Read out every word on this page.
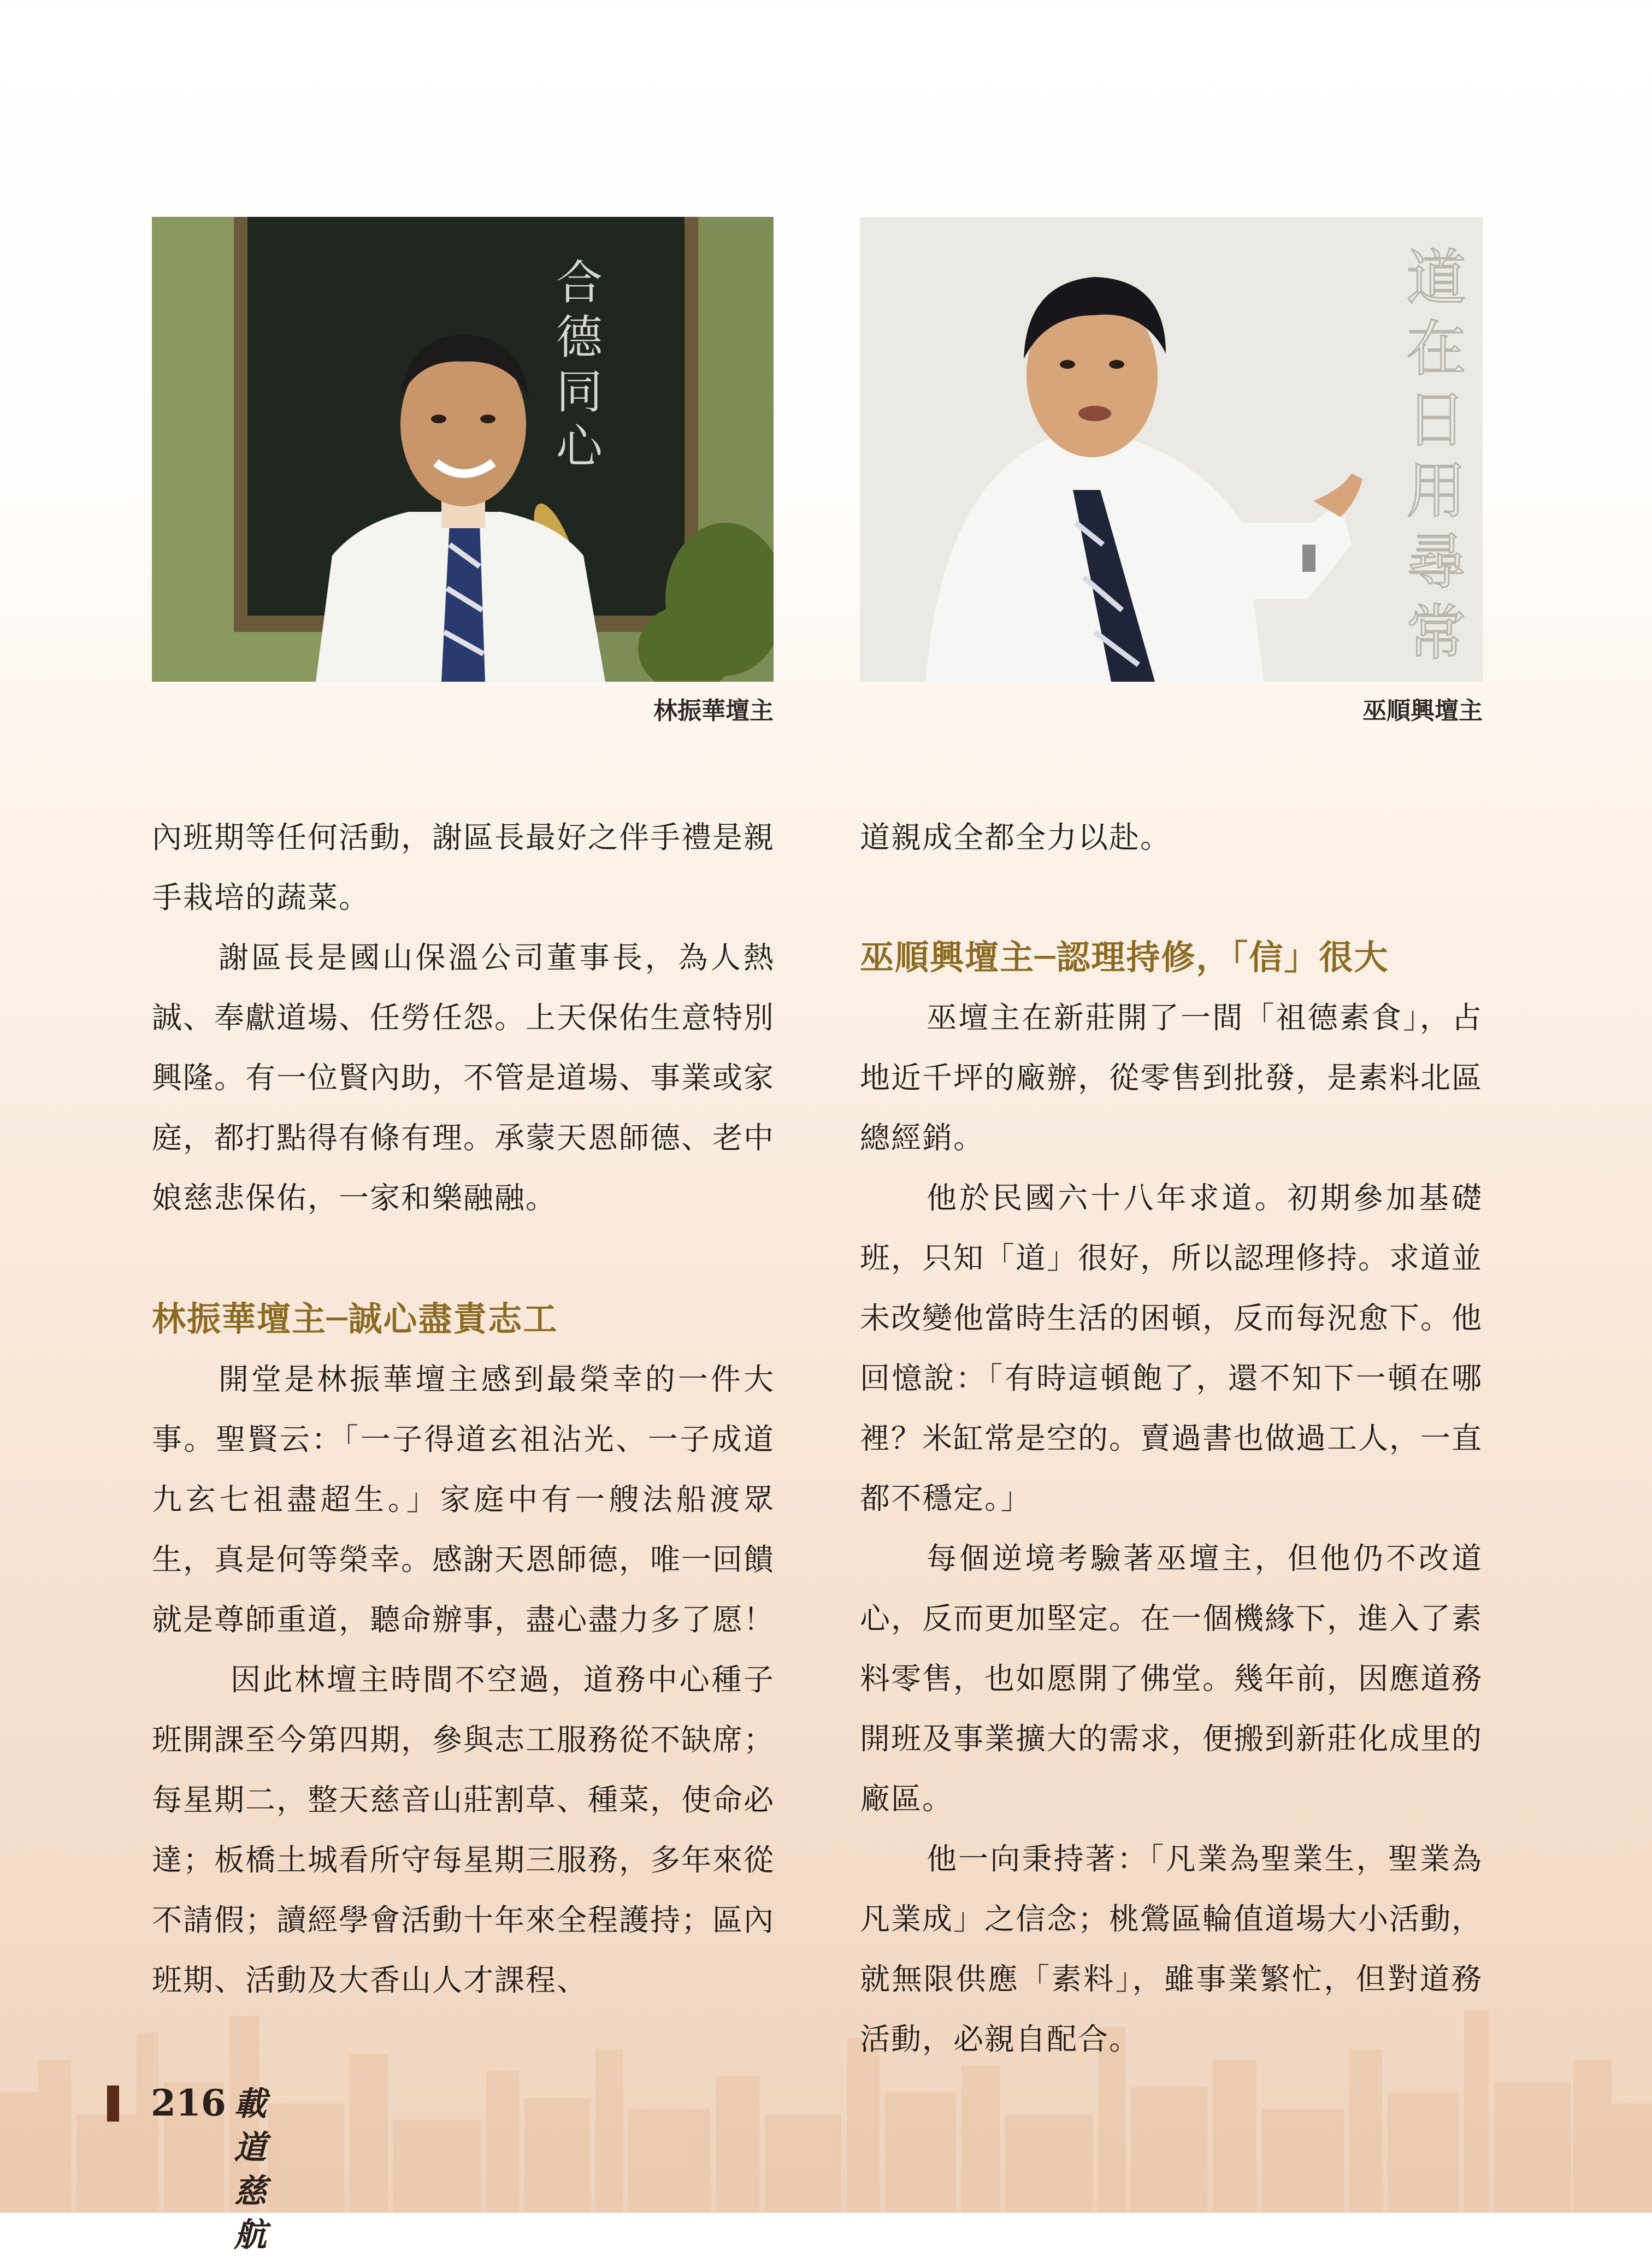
合
德
同
心
林振華壇主
道
在
日
用
尋
常
巫順興壇主

內班期等任何活動，謝區長最好之伴手禮是親手栽培的蔬菜。

謝區長是國山保溫公司董事長，為人熱誠、奉獻道場、任勞任怨。上天保佑生意特別興隆。有一位賢內助，不管是道場、事業或家庭，都打點得有條有理。承蒙天恩師德、老中娘慈悲保佑，一家和樂融融。

林振華壇主─誠心盡責志工

開堂是林振華壇主感到最榮幸的一件大事。聖賢云：「一子得道玄祖沾光、一子成道九玄七祖盡超生。」家庭中有一艘法船渡眾生，真是何等榮幸。感謝天恩師德，唯一回饋就是尊師重道，聽命辦事，盡心盡力多了愿！

因此林壇主時間不空過，道務中心種子班開課至今第四期，參與志工服務從不缺席；每星期二，整天慈音山莊割草、種菜，使命必達；板橋土城看所守每星期三服務，多年來從不請假；讀經學會活動十年來全程護持；區內班期、活動及大香山人才課程、

道親成全都全力以赴。

巫順興壇主─認理持修，「信」很大

巫壇主在新莊開了一間「祖德素食」，占地近千坪的廠辦，從零售到批發，是素料北區總經銷。

他於民國六十八年求道。初期參加基礎班，只知「道」很好，所以認理修持。求道並未改變他當時生活的困頓，反而每況愈下。他回憶說：「有時這頓飽了，還不知下一頓在哪裡？米缸常是空的。賣過書也做過工人，一直都不穩定。」

每個逆境考驗著巫壇主，但他仍不改道心，反而更加堅定。在一個機緣下，進入了素料零售，也如愿開了佛堂。幾年前，因應道務開班及事業擴大的需求，便搬到新莊化成里的廠區。

他一向秉持著：「凡業為聖業生，聖業為凡業成」之信念；桃鶯區輪值道場大小活動，就無限供應「素料」，雖事業繁忙，但對道務活動，必親自配合。

216 載道慈航
